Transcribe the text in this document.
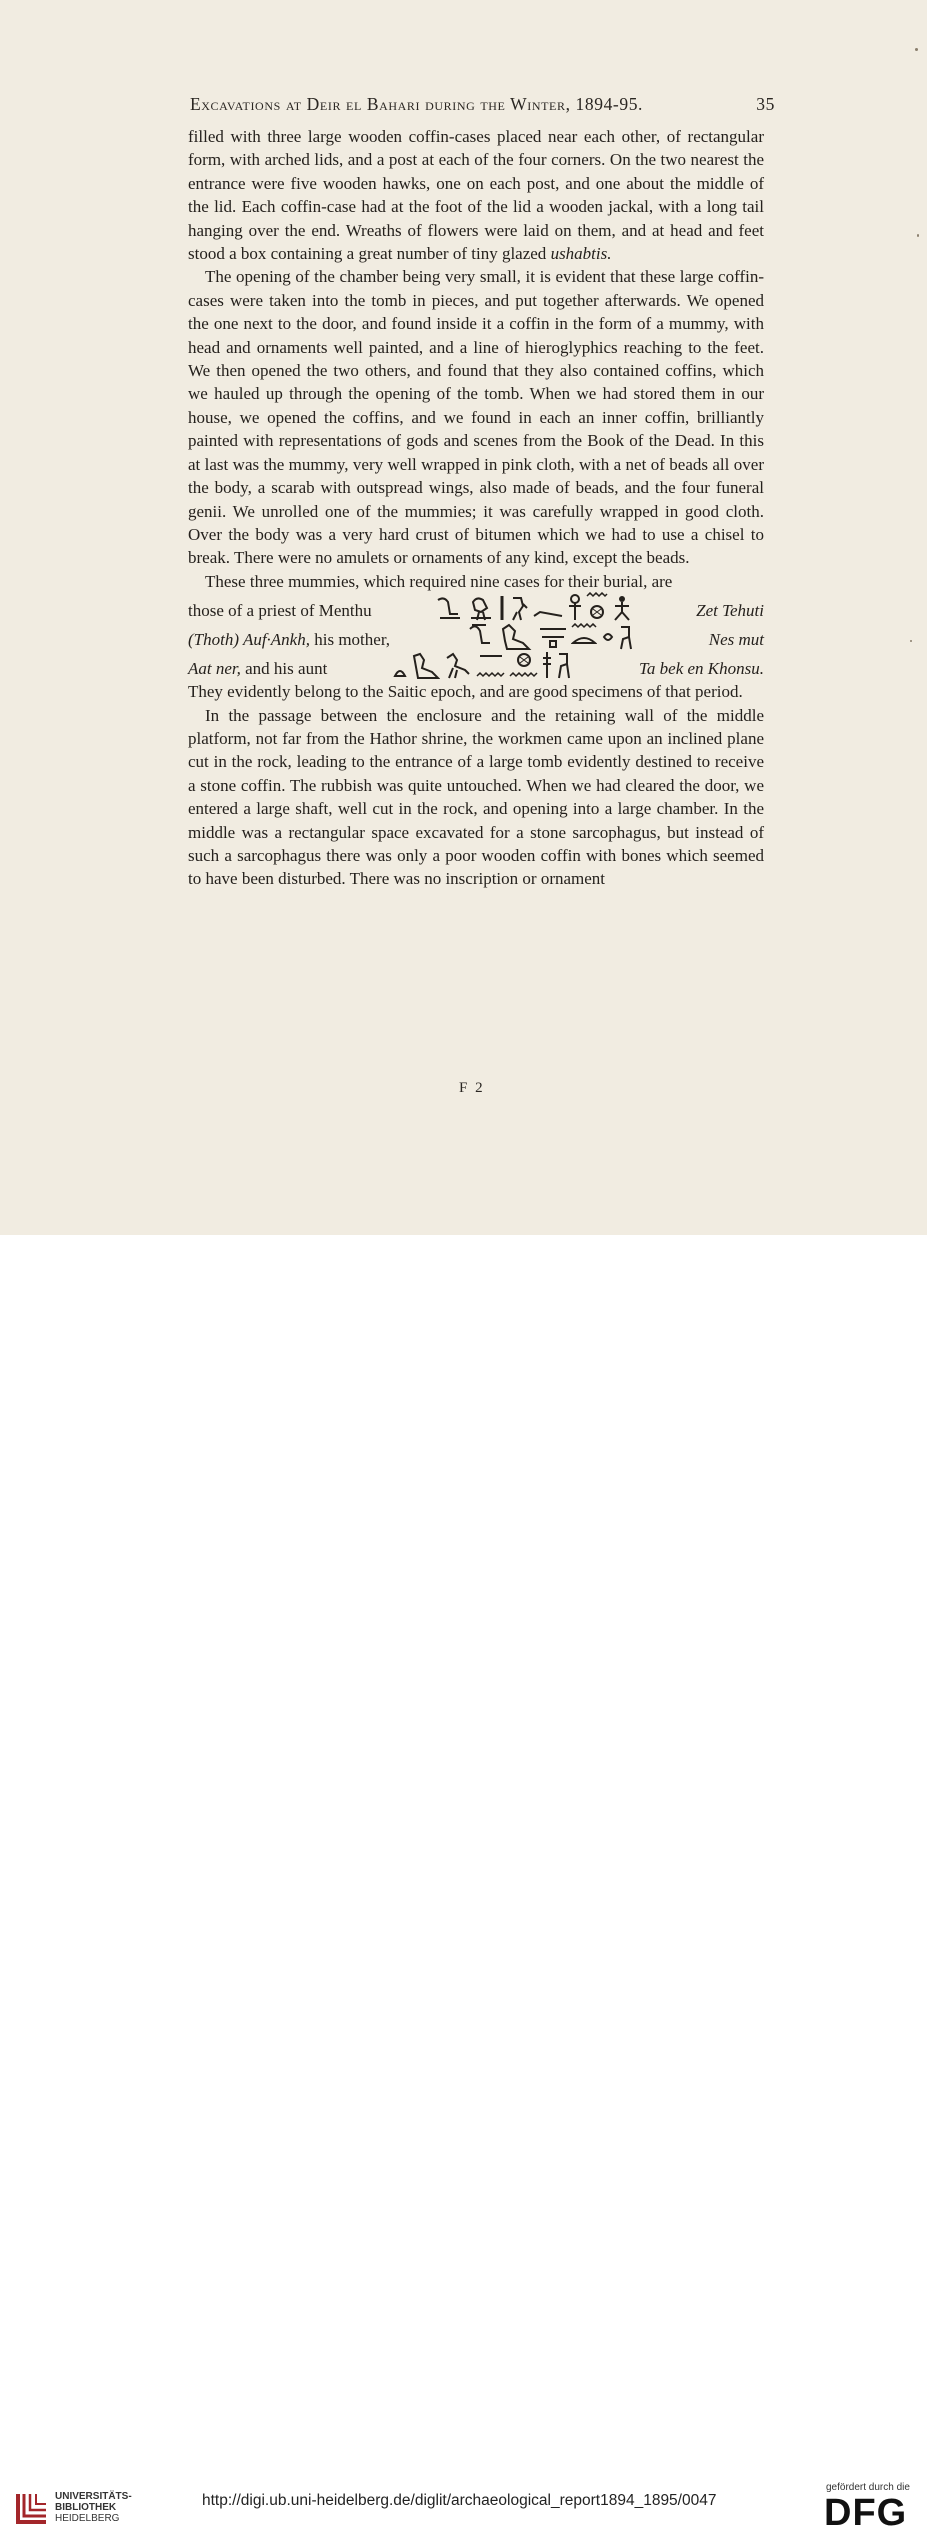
Excavations at Deir el Bahari during the Winter, 1894-95.	35

filled with three large wooden coffin-cases placed near each other, of rectangular form, with arched lids, and a post at each of the four corners. On the two nearest the entrance were five wooden hawks, one on each post, and one about the middle of the lid. Each coffin-case had at the foot of the lid a wooden jackal, with a long tail hanging over the end. Wreaths of flowers were laid on them, and at head and feet stood a box containing a great number of tiny glazed ushabtis.

The opening of the chamber being very small, it is evident that these large coffin-cases were taken into the tomb in pieces, and put together afterwards. We opened the one next to the door, and found inside it a coffin in the form of a mummy, with head and ornaments well painted, and a line of hieroglyphics reaching to the feet. We then opened the two others, and found that they also contained coffins, which we hauled up through the opening of the tomb. When we had stored them in our house, we opened the coffins, and we found in each an inner coffin, brilliantly painted with representations of gods and scenes from the Book of the Dead. In this at last was the mummy, very well wrapped in pink cloth, with a net of beads all over the body, a scarab with outspread wings, also made of beads, and the four funeral genii. We unrolled one of the mummies; it was carefully wrapped in good cloth. Over the body was a very hard crust of bitumen which we had to use a chisel to break. There were no amulets or ornaments of any kind, except the beads.

These three mummies, which required nine cases for their burial, are

those of a priest of Menthu	Zet Tehuti
(Thoth) Auf·Ankh, his mother,	Nes mut
Aat ner, and his aunt	Ta bek en Khonsu.

They evidently belong to the Saitic epoch, and are good specimens of that period.

In the passage between the enclosure and the retaining wall of the middle platform, not far from the Hathor shrine, the workmen came upon an inclined plane cut in the rock, leading to the entrance of a large tomb evidently destined to receive a stone coffin. The rubbish was quite untouched. When we had cleared the door, we entered a large shaft, well cut in the rock, and opening into a large chamber. In the middle was a rectangular space excavated for a stone sarcophagus, but instead of such a sarcophagus there was only a poor wooden coffin with bones which seemed to have been disturbed. There was no inscription or ornament

F 2
UNIVERSITÄTS-
BIBLIOTHEK
HEIDELBERG
http://digi.ub.uni-heidelberg.de/diglit/archaeological_report1894_1895/0047
gefördert durch die
DFG
